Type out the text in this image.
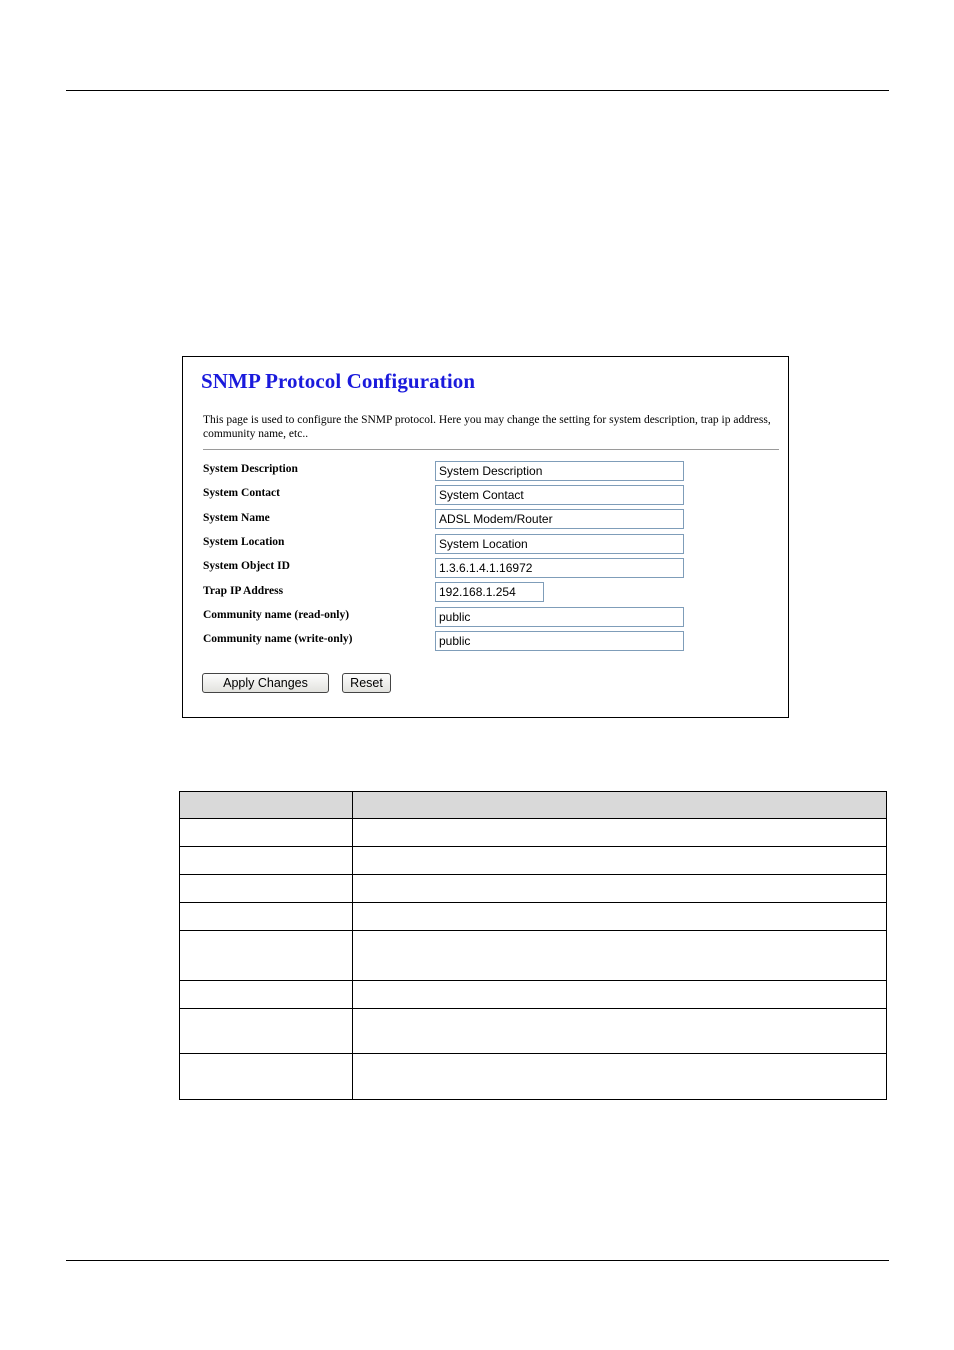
SNMP Protocol Configuration

This page is used to configure the SNMP protocol. Here you may change the setting for system description, trap ip address, community name, etc..

System Description	System Description
System Contact	System Contact
System Name	ADSL Modem/Router
System Location	System Location
System Object ID	1.3.6.1.4.1.16972
Trap IP Address	192.168.1.254
Community name (read-only)	public
Community name (write-only)	public
Apply Changes	Reset
